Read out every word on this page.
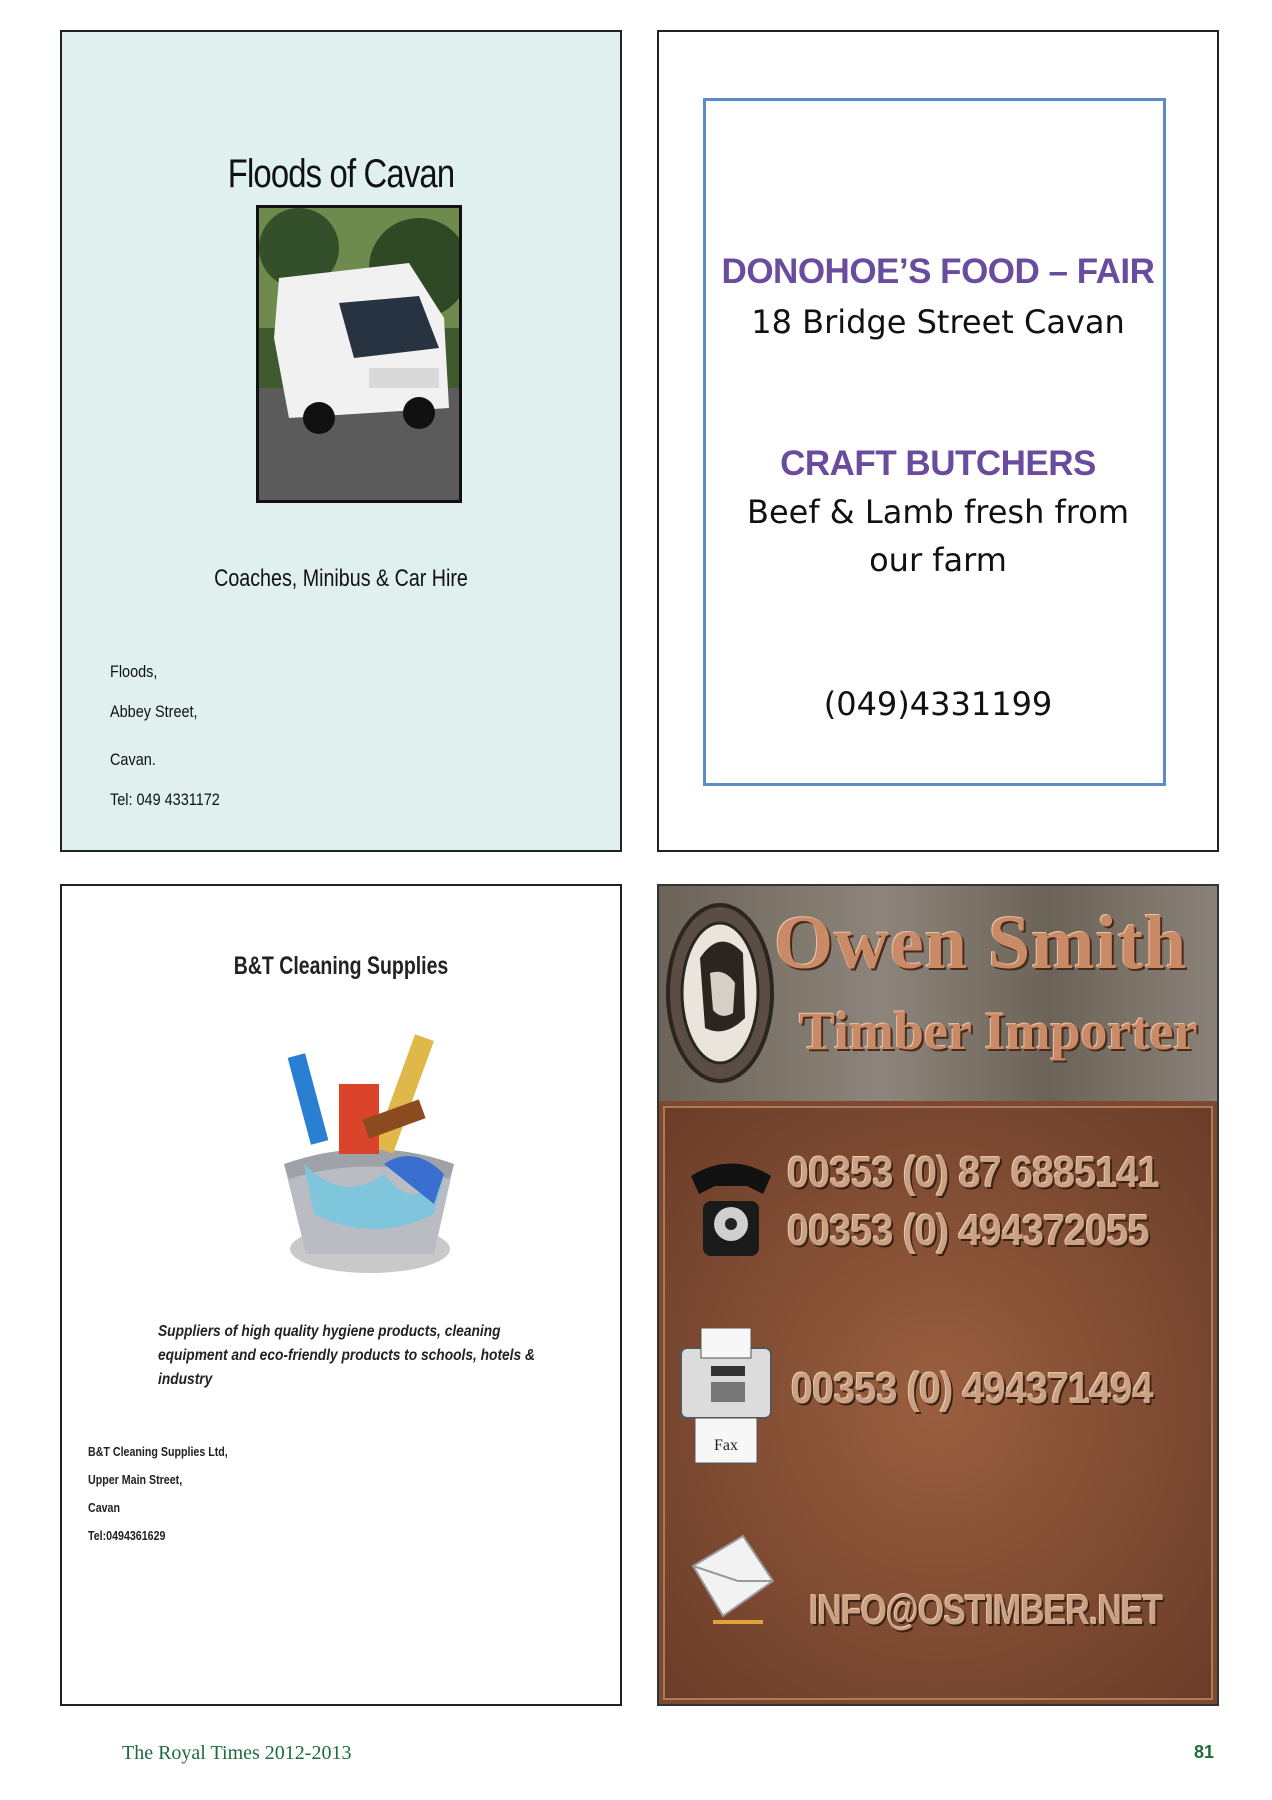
Floods of Cavan
Coaches, Minibus & Car Hire
Floods,
Abbey Street,
Cavan.
Tel: 049 4331172
DONOHOE’S FOOD – FAIR
18 Bridge Street Cavan
CRAFT BUTCHERS
Beef & Lamb fresh from
our farm
(049)4331199
B&T Cleaning Supplies
Suppliers of high quality hygiene products, cleaning equipment and eco-friendly products to schools, hotels & industry
B&T Cleaning Supplies Ltd,
Upper Main Street,
Cavan
Tel:0494361629
Owen Smith
Timber Importer
00353 (0) 87 6885141
00353 (0) 494372055
Fax
00353 (0) 494371494
INFO@OSTIMBER.NET
The Royal Times 2012-2013	81
